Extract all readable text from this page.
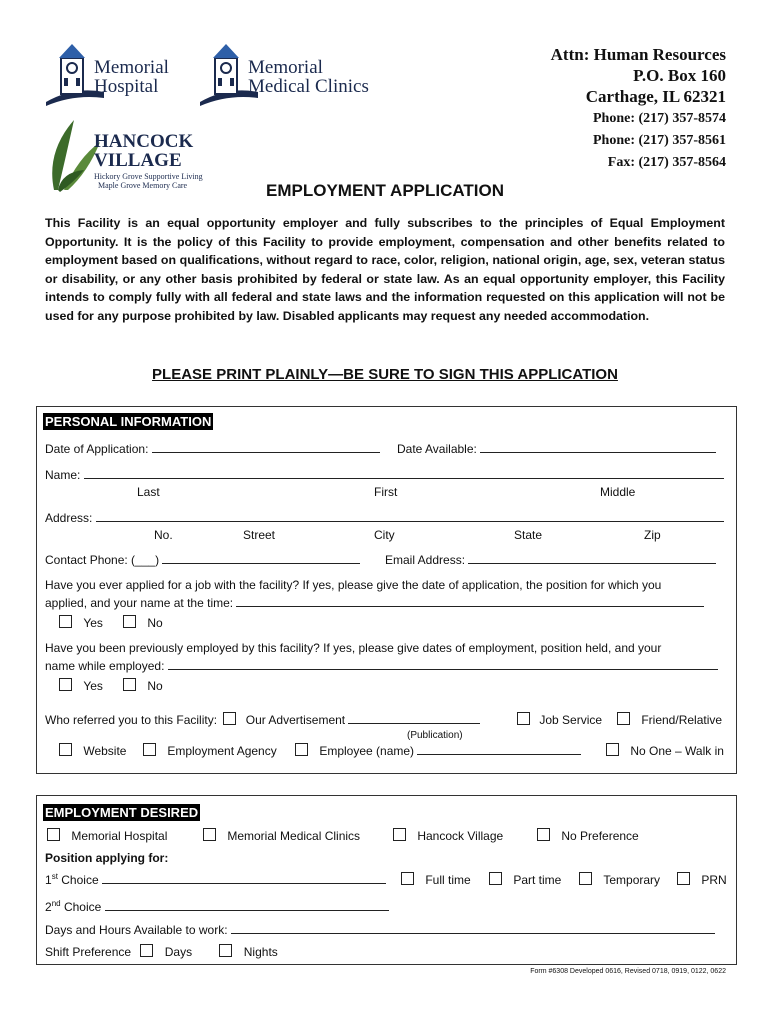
Memorial
Hospital
Memorial
Medical Clinics
HANCOCK
VILLAGE
Hickory Grove Supportive Living
Maple Grove Memory Care
Attn: Human Resources
P.O. Box 160
Carthage, IL 62321
Phone: (217) 357-8574
Phone: (217) 357-8561
Fax: (217) 357-8564
EMPLOYMENT APPLICATION
This Facility is an equal opportunity employer and fully subscribes to the principles of Equal Employment Opportunity. It is the policy of this Facility to provide employment, compensation and other benefits related to employment based on qualifications, without regard to race, color, religion, national origin, age, sex, veteran status or disability, or any other basis prohibited by federal or state law. As an equal opportunity employer, this Facility intends to comply fully with all federal and state laws and the information requested on this application will not be used for any purpose prohibited by law. Disabled applicants may request any needed accommodation.
PLEASE PRINT PLAINLY—BE SURE TO SIGN THIS APPLICATION
PERSONAL INFORMATION
Date of Application:	Date Available:
Name:
Last	First	Middle
Address:
No.	Street	City	State	Zip
Contact Phone: (___)	Email Address:
Have you ever applied for a job with the facility? If yes, please give the date of application, the position for which you
applied, and your name at the time:
Yes	No
Have you been previously employed by this facility? If yes, please give dates of employment, position held, and your
name while employed:
Yes	No
Who referred you to this Facility: Our Advertisement
(Publication)
Job Service	Friend/Relative
Website	Employment Agency	Employee (name)	No One – Walk in
EMPLOYMENT DESIRED
Memorial Hospital	Memorial Medical Clinics	Hancock Village	No Preference
Position applying for:
1st Choice	Full time	Part time	Temporary	PRN
2nd Choice
Days and Hours Available to work:
Shift Preference	Days	Nights
Form #6308 Developed 0616, Revised 0718, 0919, 0122, 0622
